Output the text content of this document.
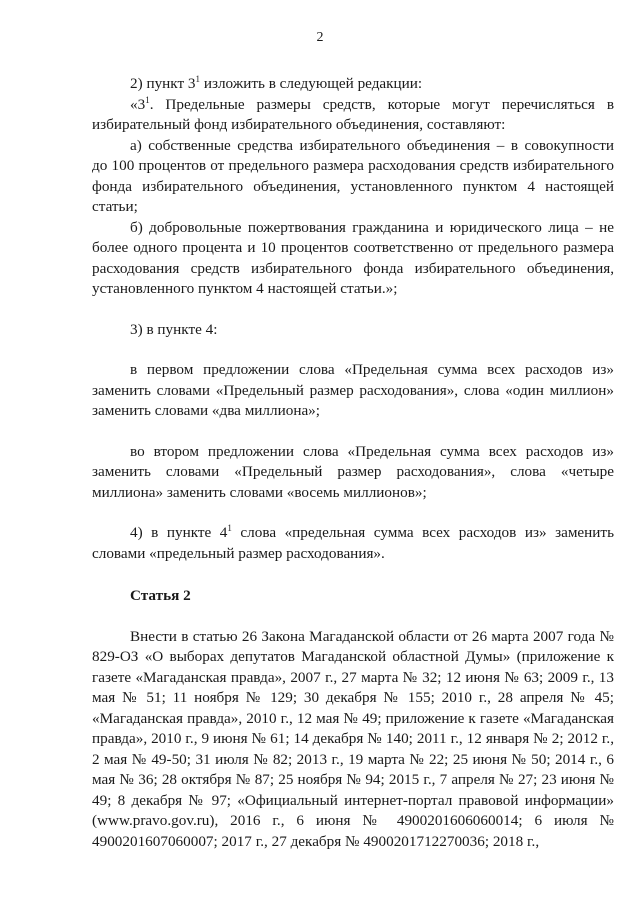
2

2) пункт $3^1$ изложить в следующей редакции:

«$3^1$. Предельные размеры средств, которые могут перечисляться в избирательный фонд избирательного объединения, составляют:

а) собственные средства избирательного объединения – в совокупности до 100 процентов от предельного размера расходования средств избирательного фонда избирательного объединения, установленного пунктом 4 настоящей статьи;

б) добровольные пожертвования гражданина и юридического лица – не более одного процента и 10 процентов соответственно от предельного размера расходования средств избирательного фонда избирательного объединения, установленного пунктом 4 настоящей статьи.»;

3) в пункте 4:

в первом предложении слова «Предельная сумма всех расходов из» заменить словами «Предельный размер расходования», слова «один миллион» заменить словами «два миллиона»;

во втором предложении слова «Предельная сумма всех расходов из» заменить словами «Предельный размер расходования», слова «четыре миллиона» заменить словами «восемь миллионов»;

4) в пункте $4^1$ слова «предельная сумма всех расходов из» заменить словами «предельный размер расходования».

Статья 2

Внести в статью 26 Закона Магаданской области от 26 марта 2007 года № 829-ОЗ «О выборах депутатов Магаданской областной Думы» (приложение к газете «Магаданская правда», 2007 г., 27 марта № 32; 12 июня № 63; 2009 г., 13 мая № 51; 11 ноября № 129; 30 декабря № 155; 2010 г., 28 апреля № 45; «Магаданская правда», 2010 г., 12 мая № 49; приложение к газете «Магаданская правда», 2010 г., 9 июня № 61; 14 декабря № 140; 2011 г., 12 января № 2; 2012 г., 2 мая № 49-50; 31 июля № 82; 2013 г., 19 марта № 22; 25 июня № 50; 2014 г., 6 мая № 36; 28 октября № 87; 25 ноября № 94; 2015 г., 7 апреля № 27; 23 июня № 49; 8 декабря № 97; «Официальный интернет-портал правовой информации» (www.pravo.gov.ru), 2016 г., 6 июня № 4900201606060014; 6 июля № 4900201607060007; 2017 г., 27 декабря № 4900201712270036; 2018 г.,
